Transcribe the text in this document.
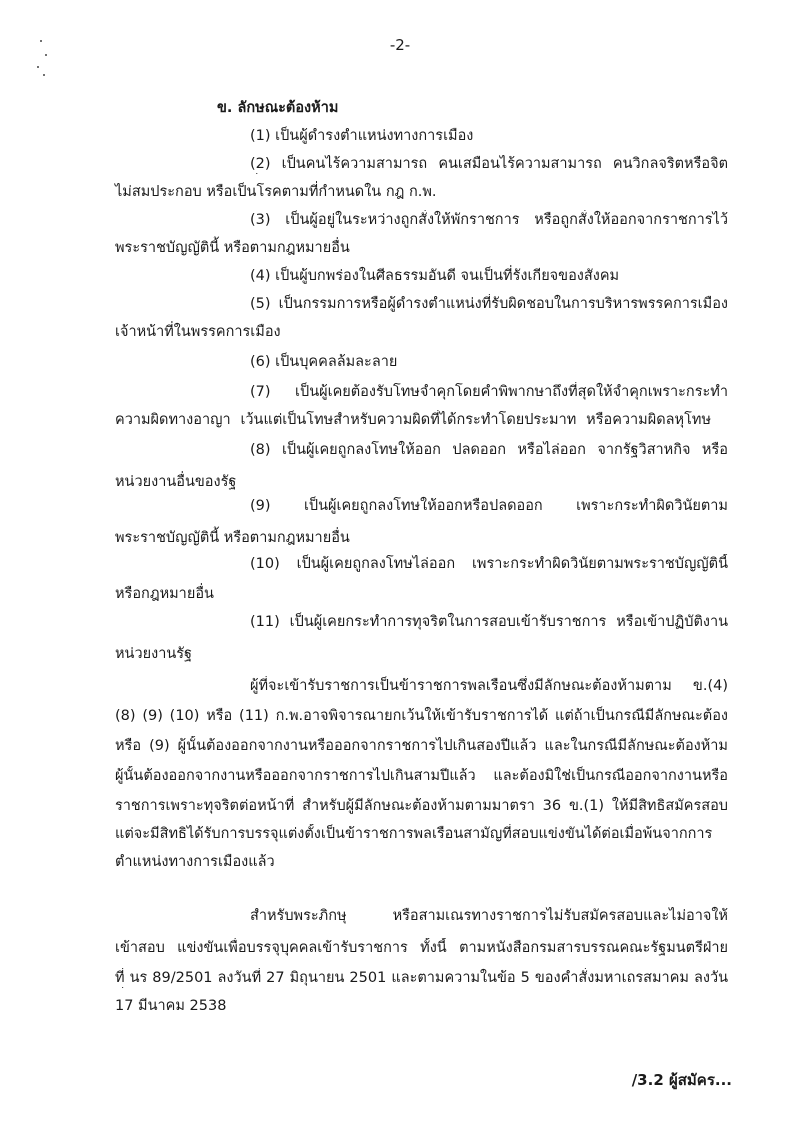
-2-
ข. ลักษณะต้องห้าม
(1) เป็นผู้ดำรงตำแหน่งทางการเมือง
(2) เป็นคนไร้ความสามารถ คนเสมือนไร้ความสามารถ คนวิกลจริตหรือจิต
ไม่สมประกอบ หรือเป็นโรคตามที่กำหนดใน กฎ ก.พ.
(3) เป็นผู้อยู่ในระหว่างถูกสั่งให้พักราชการ หรือถูกสั่งให้ออกจากราชการไว้
พระราชบัญญัตินี้ หรือตามกฎหมายอื่น
(4) เป็นผู้บกพร่องในศีลธรรมอันดี จนเป็นที่รังเกียจของสังคม
(5) เป็นกรรมการหรือผู้ดำรงตำแหน่งที่รับผิดชอบในการบริหารพรรคการเมือง
เจ้าหน้าที่ในพรรคการเมือง
(6) เป็นบุคคลล้มละลาย
(7) เป็นผู้เคยต้องรับโทษจำคุกโดยคำพิพากษาถึงที่สุดให้จำคุกเพราะกระทำ
ความผิดทางอาญา เว้นแต่เป็นโทษสำหรับความผิดที่ได้กระทำโดยประมาท หรือความผิดลหุโทษ
(8) เป็นผู้เคยถูกลงโทษให้ออก ปลดออก หรือไล่ออก จากรัฐวิสาหกิจ หรือ
หน่วยงานอื่นของรัฐ
(9) เป็นผู้เคยถูกลงโทษให้ออกหรือปลดออก เพราะกระทำผิดวินัยตาม
พระราชบัญญัตินี้ หรือตามกฎหมายอื่น
(10) เป็นผู้เคยถูกลงโทษไล่ออก เพราะกระทำผิดวินัยตามพระราชบัญญัตินี้
หรือกฎหมายอื่น
(11) เป็นผู้เคยกระทำการทุจริตในการสอบเข้ารับราชการ หรือเข้าปฏิบัติงาน
หน่วยงานรัฐ
ผู้ที่จะเข้ารับราชการเป็นข้าราชการพลเรือนซึ่งมีลักษณะต้องห้ามตาม ข.(4)
(8) (9) (10) หรือ (11) ก.พ.อาจพิจารณายกเว้นให้เข้ารับราชการได้ แต่ถ้าเป็นกรณีมีลักษณะต้อง
หรือ (9) ผู้นั้นต้องออกจากงานหรือออกจากราชการไปเกินสองปีแล้ว และในกรณีมีลักษณะต้องห้าม
ผู้นั้นต้องออกจากงานหรือออกจากราชการไปเกินสามปีแล้ว และต้องมิใช่เป็นกรณีออกจากงานหรือ
ราชการเพราะทุจริตต่อหน้าที่ สำหรับผู้มีลักษณะต้องห้ามตามมาตรา 36 ข.(1) ให้มีสิทธิสมัครสอบ
แต่จะมีสิทธิได้รับการบรรจุแต่งตั้งเป็นข้าราชการพลเรือนสามัญที่สอบแข่งขันได้ต่อเมื่อพ้นจากการ
ตำแหน่งทางการเมืองแล้ว
สำหรับพระภิกษุ หรือสามเณรทางราชการไม่รับสมัครสอบและไม่อาจให้
เข้าสอบ แข่งขันเพื่อบรรจุบุคคลเข้ารับราชการ ทั้งนี้ ตามหนังสือกรมสารบรรณคณะรัฐมนตรีฝ่าย
ที่ นร 89/2501 ลงวันที่ 27 มิถุนายน 2501 และตามความในข้อ 5 ของคำสั่งมหาเถรสมาคม ลงวัน
17 มีนาคม 2538
/3.2 ผู้สมัคร...
